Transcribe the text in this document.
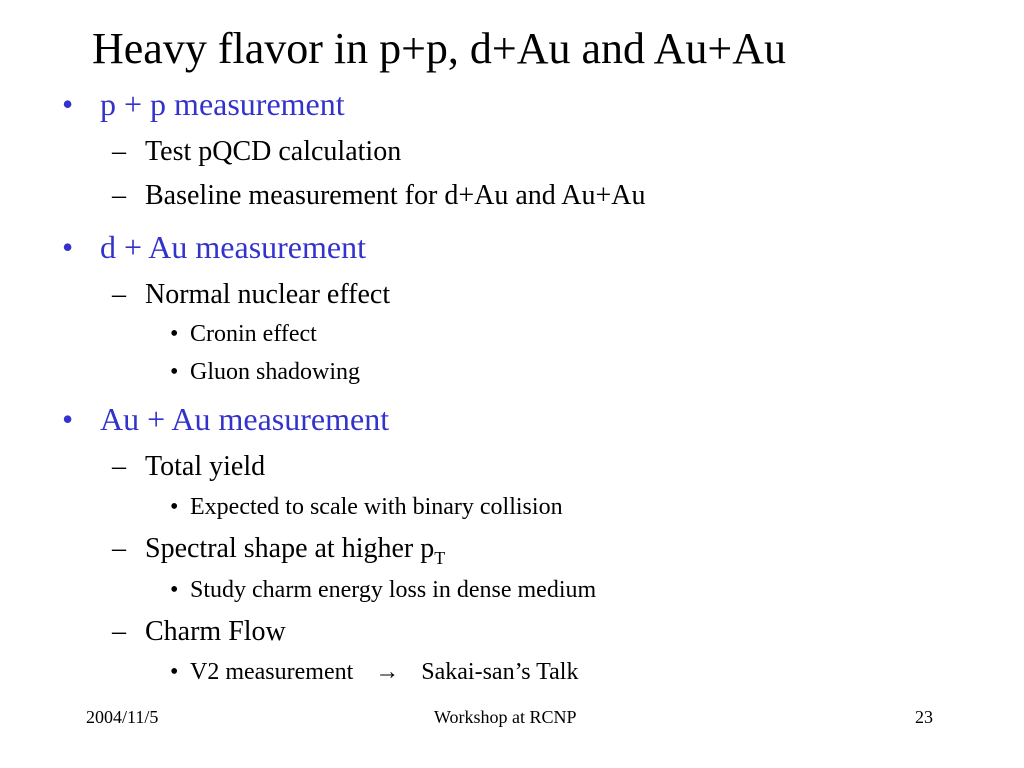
Heavy flavor in p+p, d+Au and Au+Au
• p + p measurement
– Test pQCD calculation
– Baseline measurement for d+Au and Au+Au
• d + Au measurement
– Normal nuclear effect
• Cronin effect
• Gluon shadowing
• Au + Au measurement
– Total yield
• Expected to scale with binary collision
– Spectral shape at higher $p_T$
• Study charm energy loss in dense medium
– Charm Flow
• V2 measurement → Sakai-san’s Talk
2004/11/5	Workshop at RCNP	23
